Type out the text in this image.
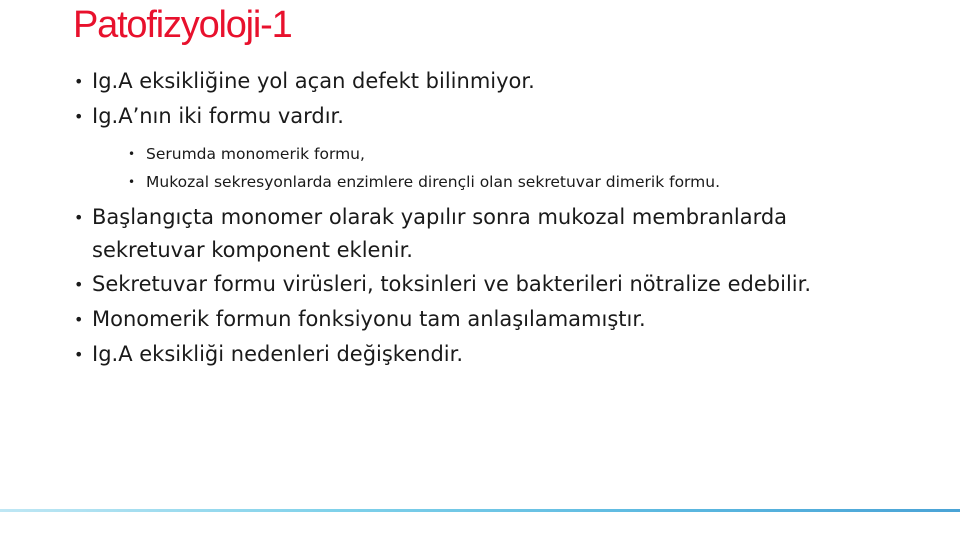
Patofizyoloji-1
• Ig.A eksikliğine yol açan defekt bilinmiyor.
• Ig.A’nın iki formu vardır.
• Serumda monomerik formu,
• Mukozal sekresyonlarda enzimlere dirençli olan sekretuvar dimerik formu.
• Başlangıçta monomer olarak yapılır sonra mukozal membranlarda sekretuvar komponent eklenir.
• Sekretuvar formu virüsleri, toksinleri ve bakterileri nötralize edebilir.
• Monomerik formun fonksiyonu tam anlaşılamamıştır.
• Ig.A eksikliği nedenleri değişkendir.
